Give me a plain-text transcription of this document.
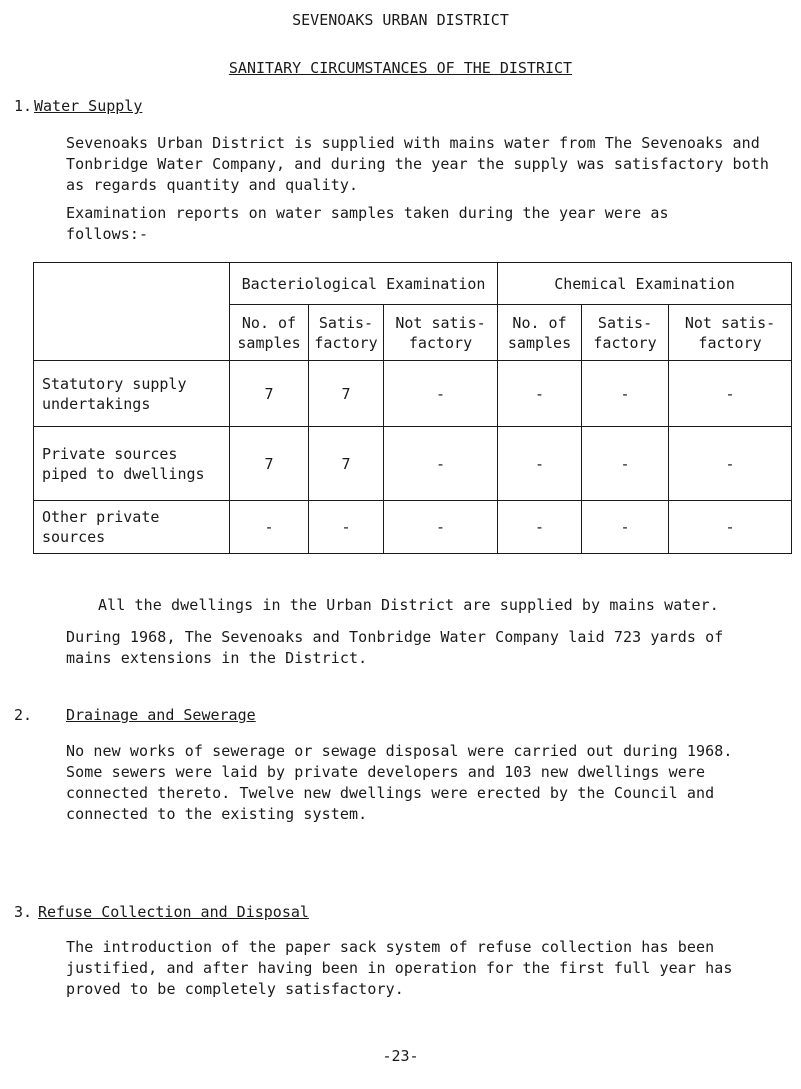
SEVENOAKS URBAN DISTRICT
SANITARY CIRCUMSTANCES OF THE DISTRICT
1. Water Supply
Sevenoaks Urban District is supplied with mains water from The Sevenoaks and Tonbridge Water Company, and during the year the supply was satisfactory both as regards quantity and quality.
Examination reports on water samples taken during the year were as follows:-
	Bacteriological Examination			Chemical Examination		
	No. of samples	Satis- factory	Not satis- factory	No. of samples	Satis- factory	Not satis- factory
Statutory supply undertakings	7	7	-	-	-	-
Private sources piped to dwellings	7	7	-	-	-	-
Other private sources	-	-	-	-	-	-
All the dwellings in the Urban District are supplied by mains water.
During 1968, The Sevenoaks and Tonbridge Water Company laid 723 yards of mains extensions in the District.
2. Drainage and Sewerage
No new works of sewerage or sewage disposal were carried out during 1968. Some sewers were laid by private developers and 103 new dwellings were connected thereto. Twelve new dwellings were erected by the Council and connected to the existing system.
3. Refuse Collection and Disposal
The introduction of the paper sack system of refuse collection has been justified, and after having been in operation for the first full year has proved to be completely satisfactory.
-23-
